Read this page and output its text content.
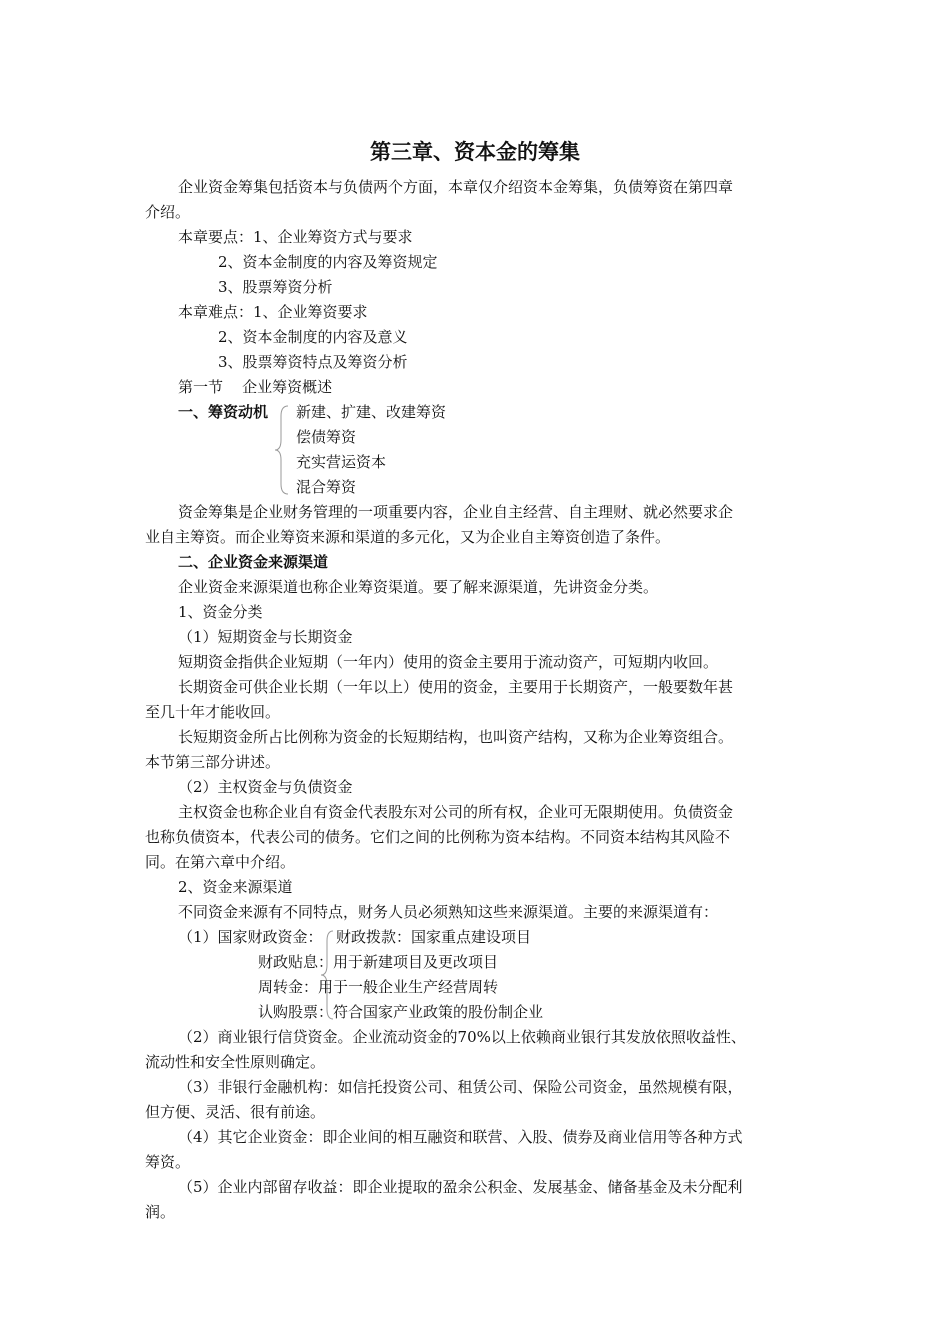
第三章、资本金的筹集
企业资金筹集包括资本与负债两个方面，本章仅介绍资本金筹集，负债筹资在第四章
介绍。
本章要点：1、企业筹资方式与要求
2、资本金制度的内容及筹资规定
3、股票筹资分析
本章难点：1、企业筹资要求
2、资本金制度的内容及意义
3、股票筹资特点及筹资分析
第一节    企业筹资概述
一、筹资动机	新建、扩建、改建筹资
偿债筹资
充实营运资本
混合筹资
资金筹集是企业财务管理的一项重要内容，企业自主经营、自主理财、就必然要求企
业自主筹资。而企业筹资来源和渠道的多元化，又为企业自主筹资创造了条件。
二、企业资金来源渠道
企业资金来源渠道也称企业筹资渠道。要了解来源渠道，先讲资金分类。
1、资金分类
（1）短期资金与长期资金
短期资金指供企业短期（一年内）使用的资金主要用于流动资产，可短期内收回。
长期资金可供企业长期（一年以上）使用的资金，主要用于长期资产，一般要数年甚
至几十年才能收回。
长短期资金所占比例称为资金的长短期结构，也叫资产结构，又称为企业筹资组合。
本节第三部分讲述。
（2）主权资金与负债资金
主权资金也称企业自有资金代表股东对公司的所有权，企业可无限期使用。负债资金
也称负债资本，代表公司的债务。它们之间的比例称为资本结构。不同资本结构其风险不
同。在第六章中介绍。
2、资金来源渠道
不同资金来源有不同特点，财务人员必须熟知这些来源渠道。主要的来源渠道有：
（1）国家财政资金： 财政拨款：国家重点建设项目
财政贴息：用于新建项目及更改项目
周转金：用于一般企业生产经营周转
认购股票：符合国家产业政策的股份制企业
（2）商业银行信贷资金。企业流动资金的70%以上依赖商业银行其发放依照收益性、
流动性和安全性原则确定。
（3）非银行金融机构：如信托投资公司、租赁公司、保险公司资金，虽然规模有限，
但方便、灵活、很有前途。
（4）其它企业资金：即企业间的相互融资和联营、入股、债券及商业信用等各种方式
筹资。
（5）企业内部留存收益：即企业提取的盈余公积金、发展基金、储备基金及未分配利
润。
